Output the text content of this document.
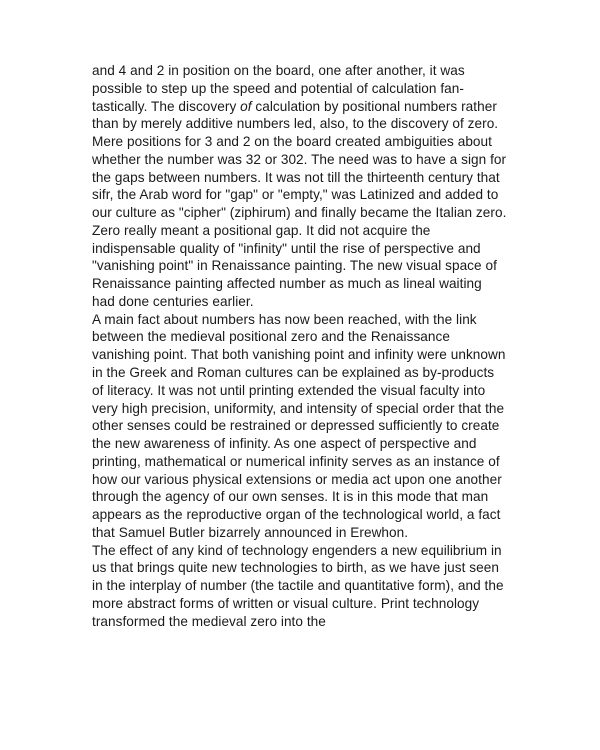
and 4 and 2 in position on the board, one after another, it was
possible to step up the speed and potential of calculation fan-
tastically. The discovery of calculation by positional numbers rather
than by merely additive numbers led, also, to the discovery of zero.
Mere positions for 3 and 2 on the board created ambiguities about
whether the number was 32 or 302. The need was to have a sign for
the gaps between numbers. It was not till the thirteenth century that
sifr, the Arab word for "gap" or "empty," was Latinized and added to
our culture as "cipher" (ziphirum) and finally became the Italian zero.
Zero really meant a positional gap. It did not acquire the
indispensable quality of "infinity" until the rise of perspective and
"vanishing point" in Renaissance painting. The new visual space of
Renaissance painting affected number as much as lineal waiting
had done centuries earlier.
A main fact about numbers has now been reached, with the link
between the medieval positional zero and the Renaissance
vanishing point. That both vanishing point and infinity were unknown
in the Greek and Roman cultures can be explained as by-products
of literacy. It was not until printing extended the visual faculty into
very high precision, uniformity, and intensity of special order that the
other senses could be restrained or depressed sufficiently to create
the new awareness of infinity. As one aspect of perspective and
printing, mathematical or numerical infinity serves as an instance of
how our various physical extensions or media act upon one another
through the agency of our own senses. It is in this mode that man
appears as the reproductive organ of the technological world, a fact
that Samuel Butler bizarrely announced in Erewhon.
The effect of any kind of technology engenders a new equilibrium in
us that brings quite new technologies to birth, as we have just seen
in the interplay of number (the tactile and quantitative form), and the
more abstract forms of written or visual culture. Print technology
transformed the medieval zero into the
